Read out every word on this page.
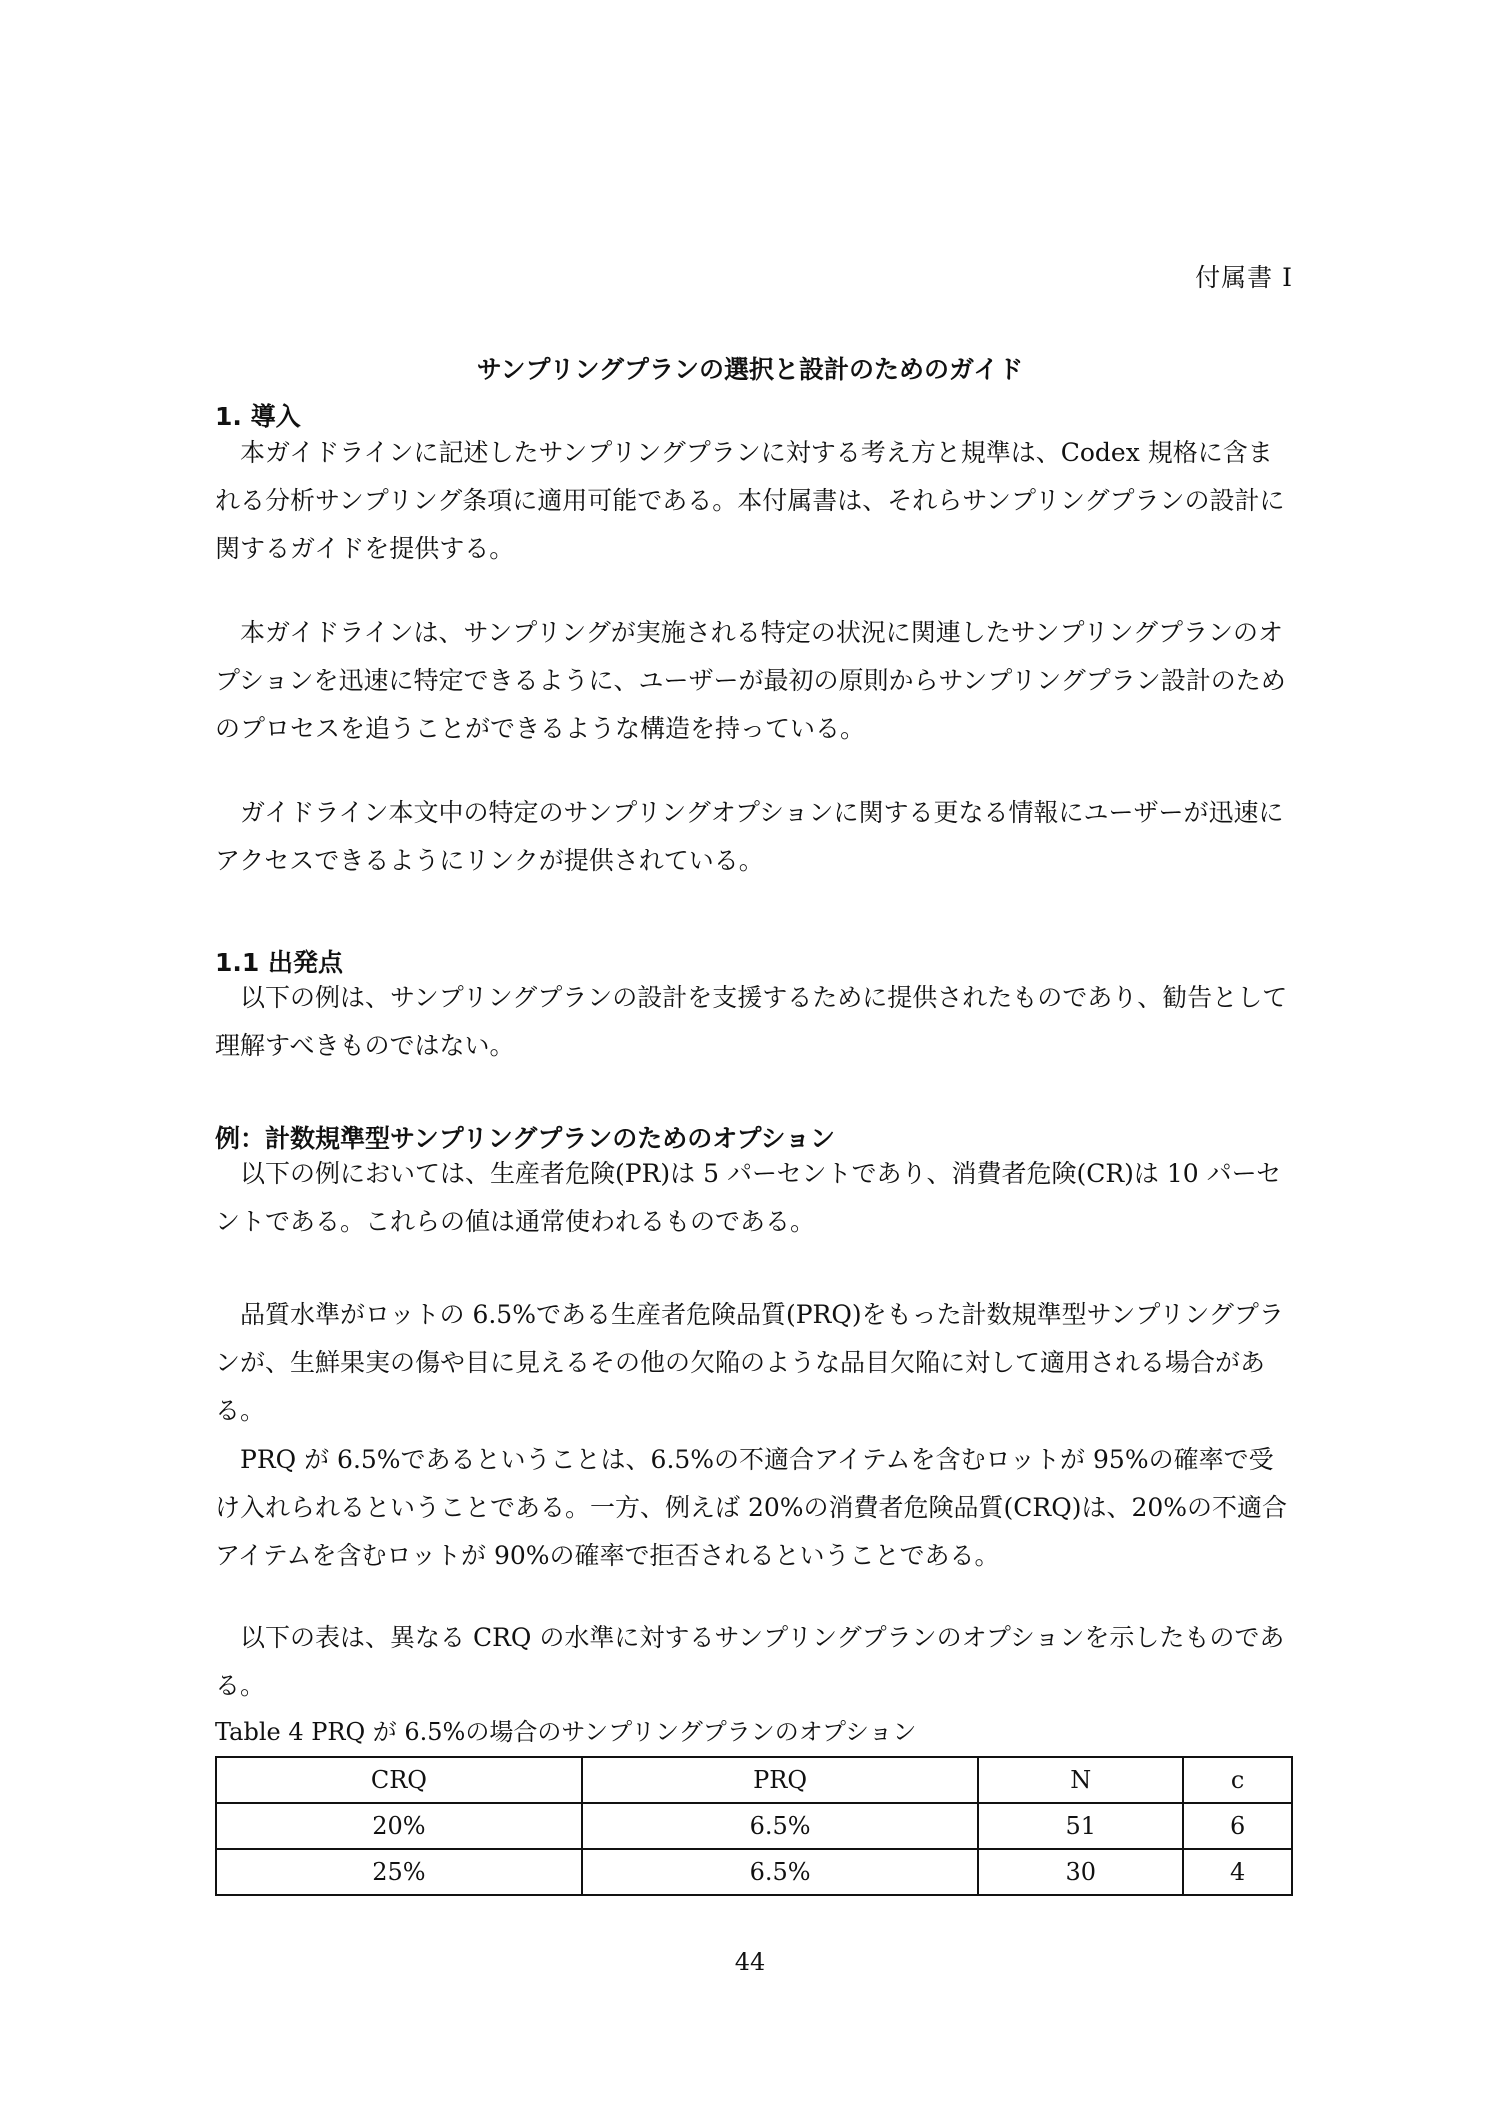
付属書 I
サンプリングプランの選択と設計のためのガイド
1. 導入
本ガイドラインに記述したサンプリングプランに対する考え方と規準は、Codex 規格に含まれる分析サンプリング条項に適用可能である。本付属書は、それらサンプリングプランの設計に関するガイドを提供する。
本ガイドラインは、サンプリングが実施される特定の状況に関連したサンプリングプランのオプションを迅速に特定できるように、ユーザーが最初の原則からサンプリングプラン設計のためのプロセスを追うことができるような構造を持っている。
ガイドライン本文中の特定のサンプリングオプションに関する更なる情報にユーザーが迅速にアクセスできるようにリンクが提供されている。
1.1 出発点
以下の例は、サンプリングプランの設計を支援するために提供されたものであり、勧告として理解すべきものではない。
例：計数規準型サンプリングプランのためのオプション
以下の例においては、生産者危険(PR)は 5 パーセントであり、消費者危険(CR)は 10 パーセントである。これらの値は通常使われるものである。
品質水準がロットの 6.5%である生産者危険品質(PRQ)をもった計数規準型サンプリングプランが、生鮮果実の傷や目に見えるその他の欠陥のような品目欠陥に対して適用される場合がある。
PRQ が 6.5%であるということは、6.5%の不適合アイテムを含むロットが 95%の確率で受け入れられるということである。一方、例えば 20%の消費者危険品質(CRQ)は、20%の不適合アイテムを含むロットが 90%の確率で拒否されるということである。
以下の表は、異なる CRQ の水準に対するサンプリングプランのオプションを示したものである。
Table 4 PRQ が 6.5%の場合のサンプリングプランのオプション
CRQ	PRQ	N	c
20%	6.5%	51	6
25%	6.5%	30	4
44
